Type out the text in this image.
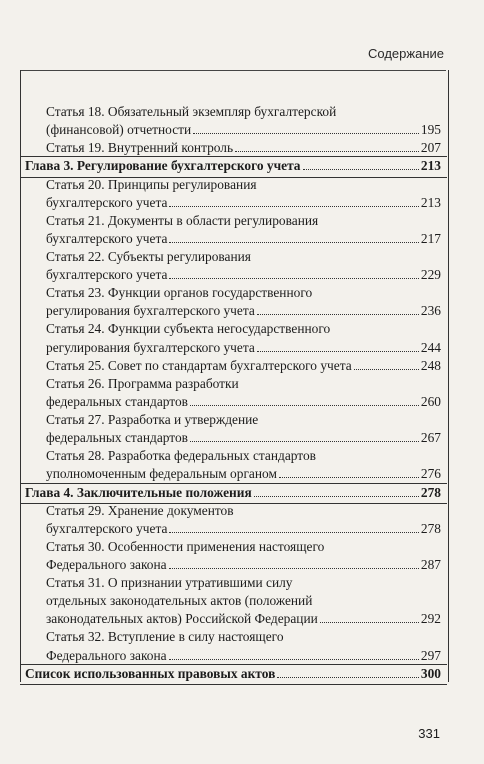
Содержание
Статья 18. Обязательный экземпляр бухгалтерской
(финансовой) отчетности	195
Статья 19. Внутренний контроль	207
Глава 3. Регулирование бухгалтерского учета	213
Статья 20. Принципы регулирования
бухгалтерского учета	213
Статья 21. Документы в области регулирования
бухгалтерского учета	217
Статья 22. Субъекты регулирования
бухгалтерского учета	229
Статья 23. Функции органов государственного
регулирования бухгалтерского учета	236
Статья 24. Функции субъекта негосударственного
регулирования бухгалтерского учета	244
Статья 25. Совет по стандартам бухгалтерского учета	248
Статья 26. Программа разработки
федеральных стандартов	260
Статья 27. Разработка и утверждение
федеральных стандартов	267
Статья 28. Разработка федеральных стандартов
уполномоченным федеральным органом	276
Глава 4. Заключительные положения	278
Статья 29. Хранение документов
бухгалтерского учета	278
Статья 30. Особенности применения настоящего
Федерального закона	287
Статья 31. О признании утратившими силу
отдельных законодательных актов (положений
законодательных актов) Российской Федерации	292
Статья 32. Вступление в силу настоящего
Федерального закона	297
Список использованных правовых актов	300
331
